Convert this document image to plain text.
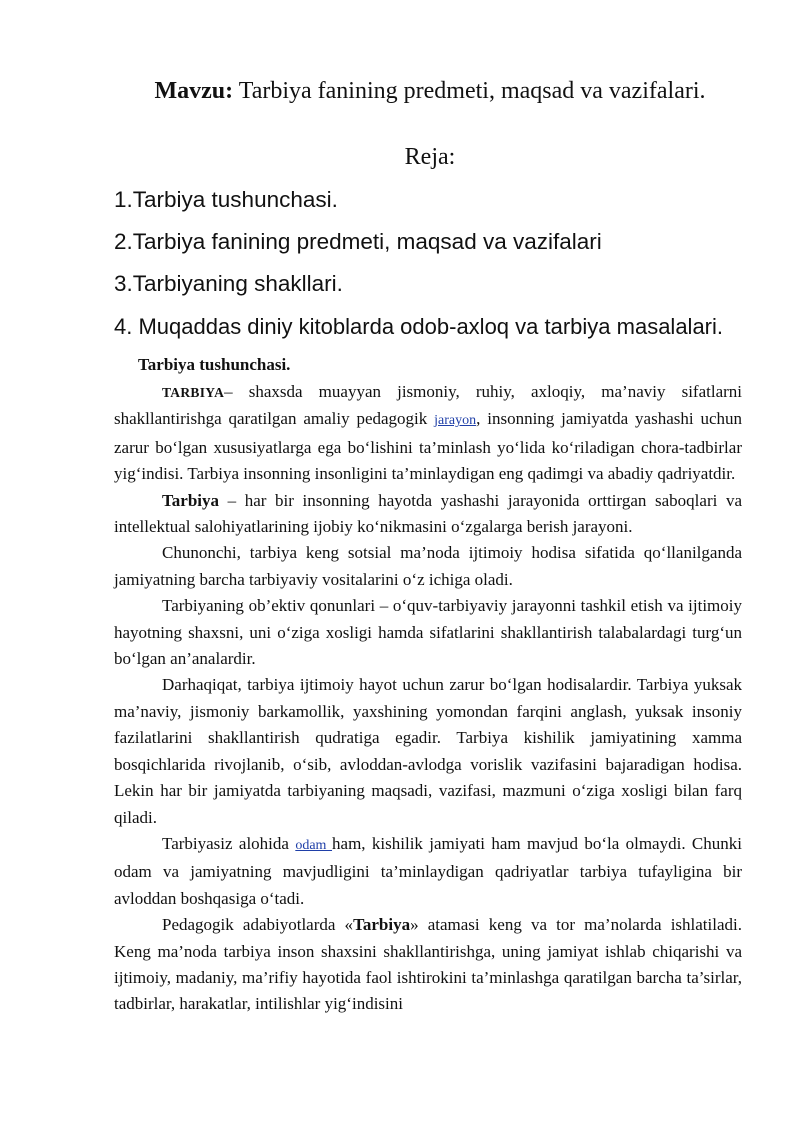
Mavzu: Tarbiya fanining predmeti, maqsad va vazifalari.
Reja:
1.Tarbiya tushunchasi.
2.Tarbiya fanining predmeti, maqsad va vazifalari
3.Tarbiyaning shakllari.
4. Muqaddas diniy kitoblarda odob-axloq va tarbiya masalalari.
Tarbiya tushunchasi.

TARBIYA– shaxsda muayyan jismoniy, ruhiy, axloqiy, ma’naviy sifatlarni shakllantirishga qaratilgan amaliy pedagogik jarayon, insonning jamiyatda yashashi uchun zarur bo‘lgan xususiyatlarga ega bo‘lishini ta’minlash yo‘lida ko‘riladigan chora-tadbirlar yig‘indisi. Tarbiya insonning insonligini ta’minlaydigan eng qadimgi va abadiy qadriyatdir.

Tarbiya – har bir insonning hayotda yashashi jarayonida orttirgan saboqlari va intellektual salohiyatlarining ijobiy ko‘nikmasini o‘zgalarga berish jarayoni.

Chunonchi, tarbiya keng sotsial ma’noda ijtimoiy hodisa sifatida qo‘llanilganda jamiyatning barcha tarbiyaviy vositalarini o‘z ichiga oladi.

Tarbiyaning ob’ektiv qonunlari – o‘quv-tarbiyaviy jarayonni tashkil etish va ijtimoiy hayotning shaxsni, uni o‘ziga xosligi hamda sifatlarini shakllantirish talabalardagi turg‘un bo‘lgan an’analardir.

Darhaqiqat, tarbiya ijtimoiy hayot uchun zarur bo‘lgan hodisalardir. Tarbiya yuksak ma’naviy, jismoniy barkamollik, yaxshining yomondan farqini anglash, yuksak insoniy fazilatlarini shakllantirish qudratiga egadir. Tarbiya kishilik jamiyatining xamma bosqichlarida rivojlanib, o‘sib, avloddan-avlodga vorislik vazifasini bajaradigan hodisa. Lekin har bir jamiyatda tarbiyaning maqsadi, vazifasi, mazmuni o‘ziga xosligi bilan farq qiladi.

Tarbiyasiz alohida odam ham, kishilik jamiyati ham mavjud bo‘la olmaydi. Chunki odam va jamiyatning mavjudligini ta’minlaydigan qadriyatlar tarbiya tufayligina bir avloddan boshqasiga o‘tadi.

Pedagogik adabiyotlarda «Tarbiya» atamasi keng va tor ma’nolarda ishlatiladi. Keng ma’noda tarbiya inson shaxsini shakllantirishga, uning jamiyat ishlab chiqarishi va ijtimoiy, madaniy, ma’rifiy hayotida faol ishtirokini ta’minlashga qaratilgan barcha ta’sirlar, tadbirlar, harakatlar, intilishlar yig‘indisini
